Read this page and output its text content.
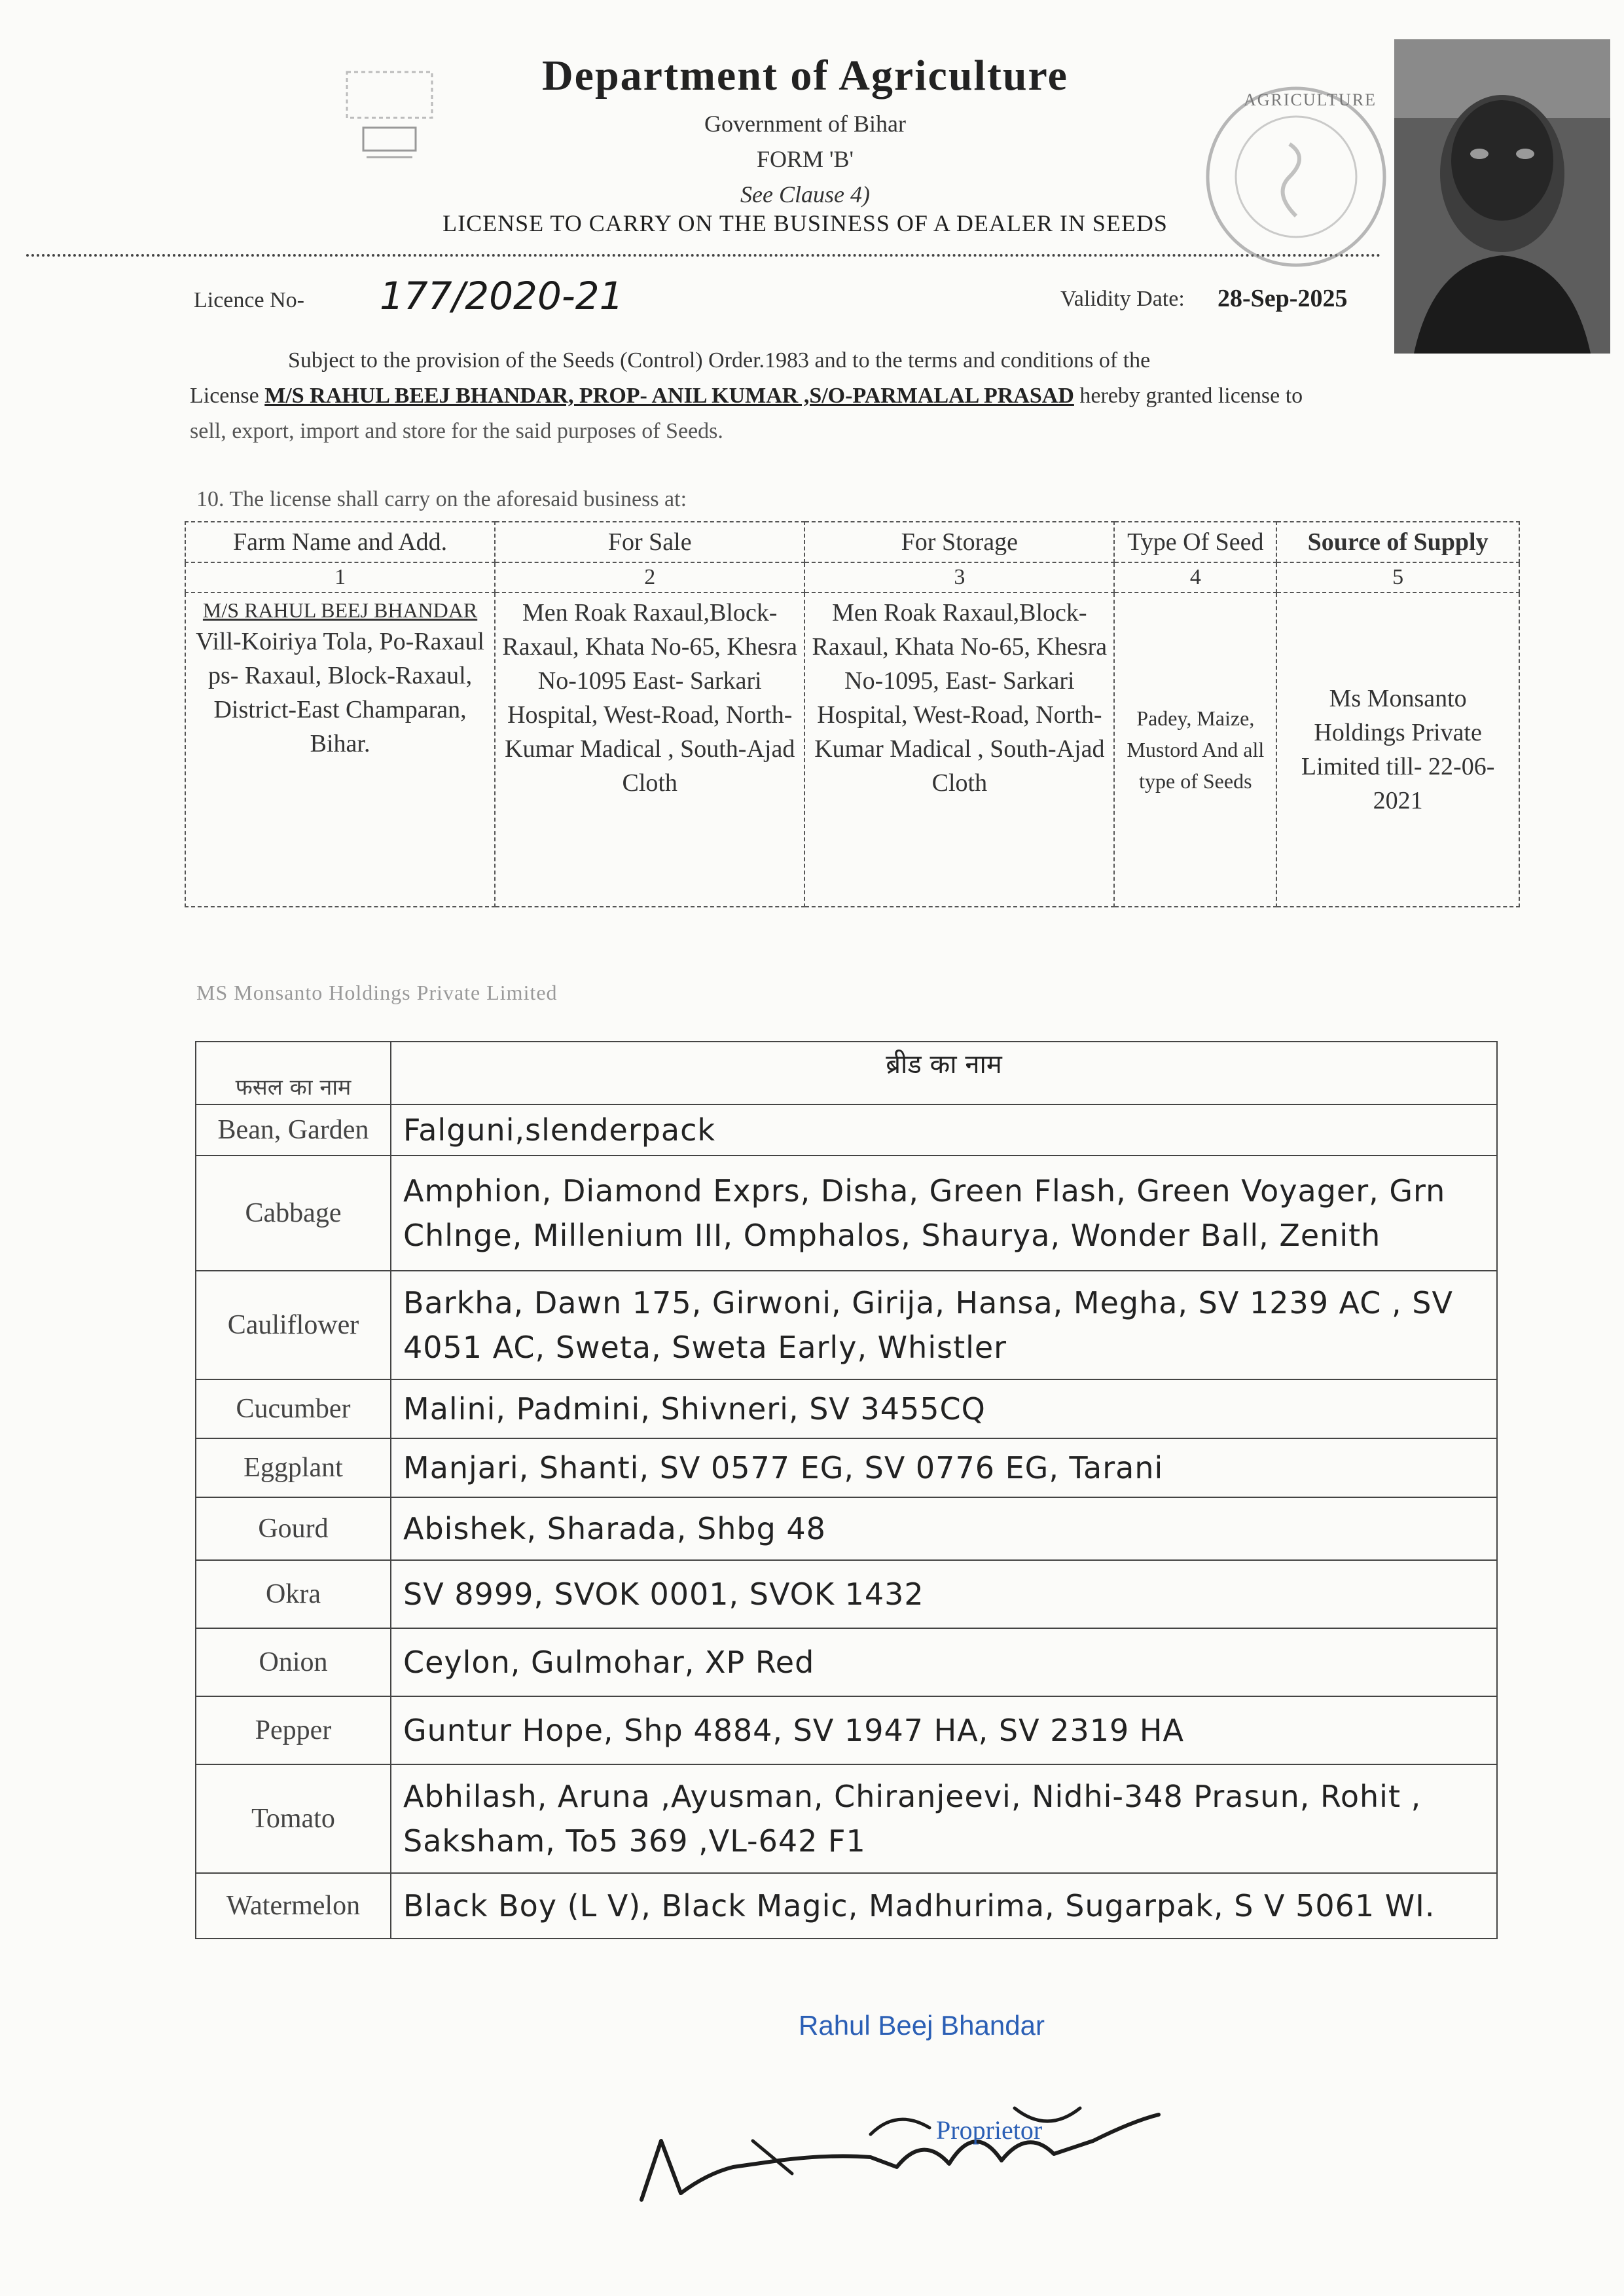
Department of Agriculture
Government of Bihar
FORM 'B'
See Clause 4)
LICENSE TO CARRY ON THE BUSINESS OF A DEALER IN SEEDS
AGRICULTURE
Licence No- 177/2020-21	Validity Date: 28-Sep-2025
Subject to the provision of the Seeds (Control) Order.1983 and to the terms and conditions of the
License M/S RAHUL BEEJ BHANDAR, PROP- ANIL KUMAR ,S/O-PARMALAL PRASAD hereby granted license to
sell, export, import and store for the said purposes of Seeds.
10. The license shall carry on the aforesaid business at:
Farm Name and Add.	For Sale	For Storage	Type Of Seed	Source of Supply
1	2	3	4	5

M/S RAHUL BEEJ BHANDAR
Vill-Koiriya Tola, Po-Raxaul ps- Raxaul, Block-Raxaul, District-East Champaran, Bihar.	Men Roak Raxaul,Block-Raxaul, Khata No-65, Khesra No-1095 East- Sarkari Hospital, West-Road, North- Kumar Madical , South-Ajad Cloth	Men Roak Raxaul,Block-Raxaul, Khata No-65, Khesra No-1095, East- Sarkari Hospital, West-Road, North- Kumar Madical , South-Ajad Cloth	Padey, Maize, Mustord And all type of Seeds	Ms Monsanto Holdings Private Limited till- 22-06-2021
MS Monsanto Holdings Private Limited
फसल का नाम	ब्रीड का नाम
Bean, Garden	Falguni,slenderpack
Cabbage	Amphion, Diamond Exprs, Disha, Green Flash, Green Voyager, Grn Chlnge, Millenium III, Omphalos, Shaurya, Wonder Ball, Zenith
Cauliflower	Barkha, Dawn 175, Girwoni, Girija, Hansa, Megha, SV 1239 AC , SV 4051 AC, Sweta, Sweta Early, Whistler
Cucumber	Malini, Padmini, Shivneri, SV 3455CQ
Eggplant	Manjari, Shanti, SV 0577 EG, SV 0776 EG, Tarani
Gourd	Abishek, Sharada, Shbg 48
Okra	SV 8999, SVOK 0001, SVOK 1432
Onion	Ceylon, Gulmohar, XP Red
Pepper	Guntur Hope, Shp 4884, SV 1947 HA, SV 2319 HA
Tomato	Abhilash, Aruna ,Ayusman, Chiranjeevi, Nidhi-348 Prasun, Rohit , Saksham, To5 369 ,VL-642 F1
Watermelon	Black Boy (L V), Black Magic, Madhurima, Sugarpak, S V 5061 WI.
Rahul Beej Bhandar
Proprietor
